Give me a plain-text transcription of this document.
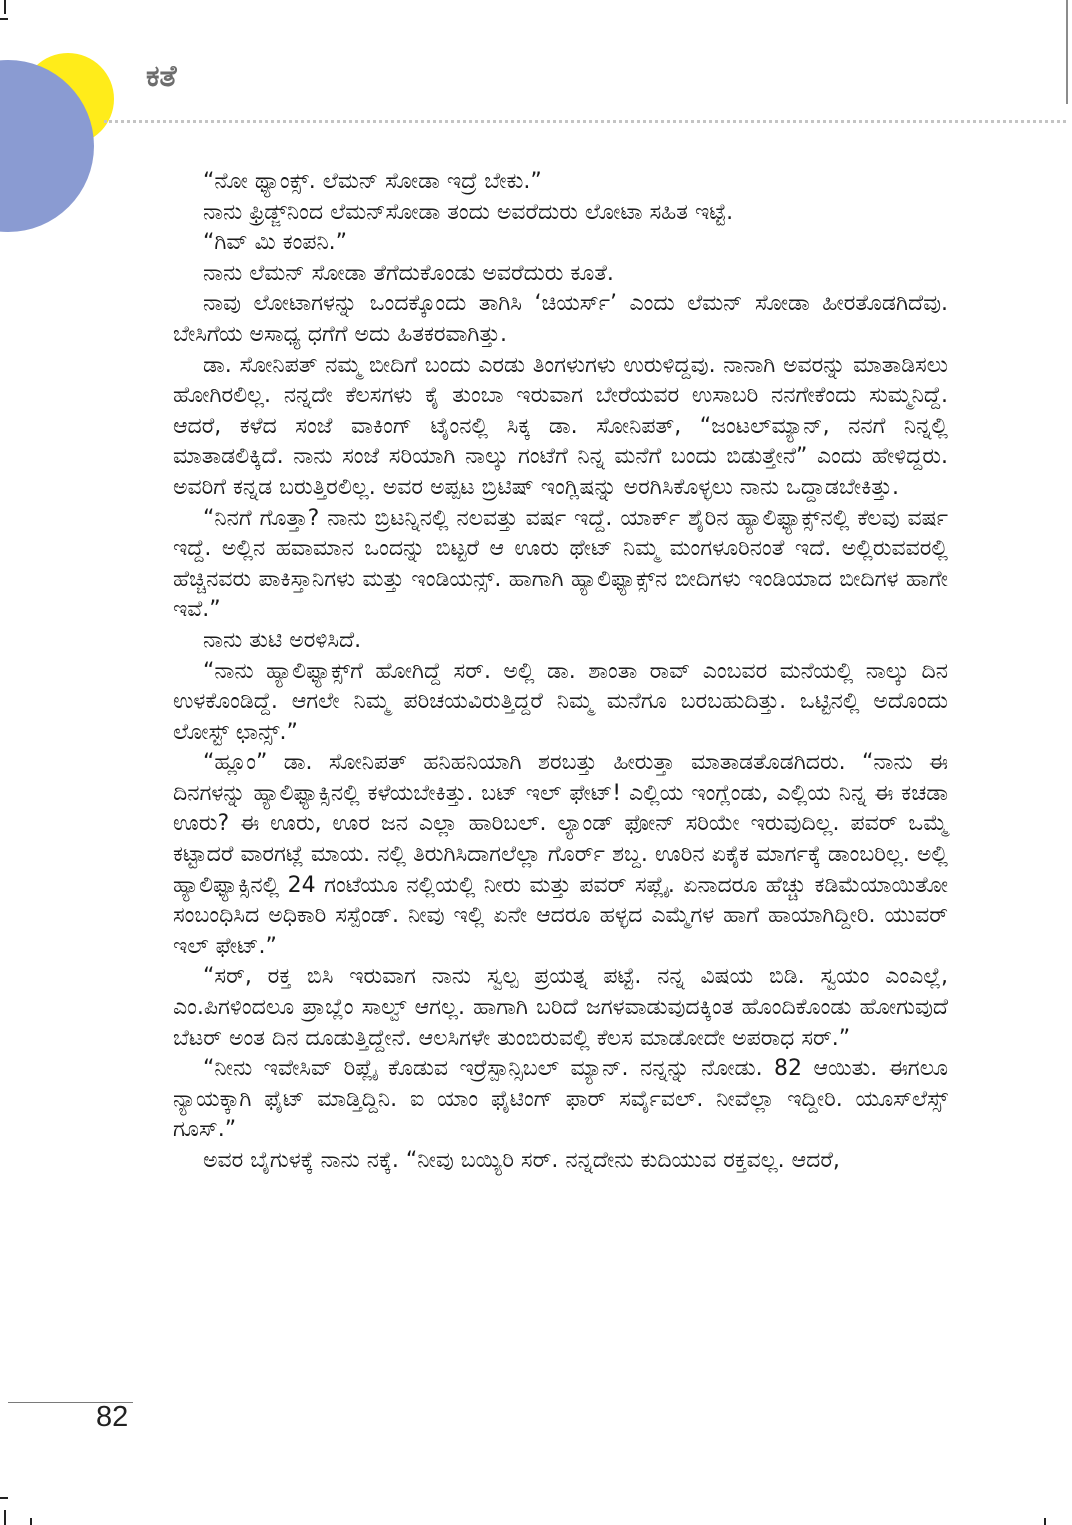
ಕತೆ

“ನೋ ಥ್ಯಾಂಕ್ಸ್. ಲೆಮನ್ ಸೋಡಾ ಇದ್ರೆ ಬೇಕು.”

ನಾನು ಫ್ರಿಡ್ಜ್‌ನಿಂದ ಲೆಮನ್‌ಸೋಡಾ ತಂದು ಅವರೆದುರು ಲೋಟಾ ಸಹಿತ ಇಟ್ಟೆ.

“ಗಿವ್ ಮಿ ಕಂಪನಿ.”

ನಾನು ಲೆಮನ್ ಸೋಡಾ ತೆಗೆದುಕೊಂಡು ಅವರೆದುರು ಕೂತೆ.

ನಾವು ಲೋಟಾಗಳನ್ನು ಒಂದಕ್ಕೊಂದು ತಾಗಿಸಿ ‘ಚಿಯರ್ಸ್’ ಎಂದು ಲೆಮನ್ ಸೋಡಾ ಹೀರತೊಡಗಿದೆವು. ಬೇಸಿಗೆಯ ಅಸಾಧ್ಯ ಧಗೆಗೆ ಅದು ಹಿತಕರವಾಗಿತ್ತು.

ಡಾ. ಸೋನಿಪತ್ ನಮ್ಮ ಬೀದಿಗೆ ಬಂದು ಎರಡು ತಿಂಗಳುಗಳು ಉರುಳಿದ್ದವು. ನಾನಾಗಿ ಅವರನ್ನು ಮಾತಾಡಿಸಲು ಹೋಗಿರಲಿಲ್ಲ. ನನ್ನದೇ ಕೆಲಸಗಳು ಕೈ ತುಂಬಾ ಇರುವಾಗ ಬೇರೆಯವರ ಉಸಾಬರಿ ನನಗೇಕೆಂದು ಸುಮ್ಮನಿದ್ದೆ. ಆದರೆ, ಕಳೆದ ಸಂಜೆ ವಾಕಿಂಗ್ ಟೈಂನಲ್ಲಿ ಸಿಕ್ಕ ಡಾ. ಸೋನಿಪತ್, “ಜಂಟಲ್‌ಮ್ಯಾನ್, ನನಗೆ ನಿನ್ನಲ್ಲಿ ಮಾತಾಡಲಿಕ್ಕಿದೆ. ನಾನು ಸಂಜೆ ಸರಿಯಾಗಿ ನಾಲ್ಕು ಗಂಟೆಗೆ ನಿನ್ನ ಮನೆಗೆ ಬಂದು ಬಿಡುತ್ತೇನೆ” ಎಂದು ಹೇಳಿದ್ದರು. ಅವರಿಗೆ ಕನ್ನಡ ಬರುತ್ತಿರಲಿಲ್ಲ. ಅವರ ಅಪ್ಪಟ ಬ್ರಿಟಿಷ್ ಇಂಗ್ಲಿಷನ್ನು ಅರಗಿಸಿಕೊಳ್ಳಲು ನಾನು ಒದ್ದಾಡಬೇಕಿತ್ತು.

“ನಿನಗೆ ಗೊತ್ತಾ? ನಾನು ಬ್ರಿಟನ್ನಿನಲ್ಲಿ ನಲವತ್ತು ವರ್ಷ ಇದ್ದೆ. ಯಾರ್ಕ್ ಶೈರಿನ ಹ್ಯಾಲಿಫ್ಯಾಕ್ಸ್‌ನಲ್ಲಿ ಕೆಲವು ವರ್ಷ ಇದ್ದೆ. ಅಲ್ಲಿನ ಹವಾಮಾನ ಒಂದನ್ನು ಬಿಟ್ಟರೆ ಆ ಊರು ಥೇಟ್ ನಿಮ್ಮ ಮಂಗಳೂರಿನಂತೆ ಇದೆ. ಅಲ್ಲಿರುವವರಲ್ಲಿ ಹೆಚ್ಚಿನವರು ಪಾಕಿಸ್ತಾನಿಗಳು ಮತ್ತು ಇಂಡಿಯನ್ಸ್. ಹಾಗಾಗಿ ಹ್ಯಾಲಿಫ್ಯಾಕ್ಸ್‌ನ ಬೀದಿಗಳು ಇಂಡಿಯಾದ ಬೀದಿಗಳ ಹಾಗೇ ಇವೆ.”

ನಾನು ತುಟಿ ಅರಳಿಸಿದೆ.

“ನಾನು ಹ್ಯಾಲಿಫ್ಯಾಕ್ಸ್‌ಗೆ ಹೋಗಿದ್ದೆ ಸರ್. ಅಲ್ಲಿ ಡಾ. ಶಾಂತಾ ರಾವ್ ಎಂಬವರ ಮನೆಯಲ್ಲಿ ನಾಲ್ಕು ದಿನ ಉಳಕೊಂಡಿದ್ದೆ. ಆಗಲೇ ನಿಮ್ಮ ಪರಿಚಯವಿರುತ್ತಿದ್ದರೆ ನಿಮ್ಮ ಮನೆಗೂ ಬರಬಹುದಿತ್ತು. ಒಟ್ಟಿನಲ್ಲಿ ಅದೊಂದು ಲೋಸ್ಟ್ ಛಾನ್ಸ್.”

“ಹ್ಲೂಂ” ಡಾ. ಸೋನಿಪತ್ ಹನಿಹನಿಯಾಗಿ ಶರಬತ್ತು ಹೀರುತ್ತಾ ಮಾತಾಡತೊಡಗಿದರು. “ನಾನು ಈ ದಿನಗಳನ್ನು ಹ್ಯಾಲಿಫ್ಯಾಕ್ಸಿನಲ್ಲಿ ಕಳೆಯಬೇಕಿತ್ತು. ಬಟ್ ಇಲ್ ಫೇಟ್! ಎಲ್ಲಿಯ ಇಂಗ್ಲೆಂಡು, ಎಲ್ಲಿಯ ನಿನ್ನ ಈ ಕಚಡಾ ಊರು? ಈ ಊರು, ಊರ ಜನ ಎಲ್ಲಾ ಹಾರಿಬಲ್. ಲ್ಯಾಂಡ್ ಫೋನ್ ಸರಿಯೇ ಇರುವುದಿಲ್ಲ. ಪವರ್ ಒಮ್ಮೆ ಕಟ್ಟಾದರೆ ವಾರಗಟ್ಲೆ ಮಾಯ. ನಲ್ಲಿ ತಿರುಗಿಸಿದಾಗಲೆಲ್ಲಾ ಗೊರ್ರ್ ಶಬ್ದ. ಊರಿನ ಏಕೈಕ ಮಾರ್ಗಕ್ಕೆ ಡಾಂಬರಿಲ್ಲ. ಅಲ್ಲಿ ಹ್ಯಾಲಿಫ್ಯಾಕ್ಸಿನಲ್ಲಿ 24 ಗಂಟೆಯೂ ನಲ್ಲಿಯಲ್ಲಿ ನೀರು ಮತ್ತು ಪವರ್ ಸಪ್ಲೈ. ಏನಾದರೂ ಹೆಚ್ಚು ಕಡಿಮೆಯಾಯಿತೋ ಸಂಬಂಧಿಸಿದ ಅಧಿಕಾರಿ ಸಸ್ಪೆಂಡ್. ನೀವು ಇಲ್ಲಿ ಏನೇ ಆದರೂ ಹಳ್ಳದ ಎಮ್ಮೆಗಳ ಹಾಗೆ ಹಾಯಾಗಿದ್ದೀರಿ. ಯುವರ್ ಇಲ್ ಫೇಟ್.”

“ಸರ್, ರಕ್ತ ಬಿಸಿ ಇರುವಾಗ ನಾನು ಸ್ವಲ್ಪ ಪ್ರಯತ್ನ ಪಟ್ಟೆ. ನನ್ನ ವಿಷಯ ಬಿಡಿ. ಸ್ವಯಂ ಎಂಎಲ್ಲೆ, ಎಂ.ಪಿಗಳಿಂದಲೂ ಪ್ರಾಬ್ಲೆಂ ಸಾಲ್ವ್ ಆಗಲ್ಲ. ಹಾಗಾಗಿ ಬರಿದೆ ಜಗಳವಾಡುವುದಕ್ಕಿಂತ ಹೊಂದಿಕೊಂಡು ಹೋಗುವುದೆ ಬೆಟರ್ ಅಂತ ದಿನ ದೂಡುತ್ತಿದ್ದೇನೆ. ಆಲಸಿಗಳೇ ತುಂಬಿರುವಲ್ಲಿ ಕೆಲಸ ಮಾಡೋದೇ ಅಪರಾಧ ಸರ್.”

“ನೀನು ಇವೇಸಿವ್ ರಿಪ್ಲೈ ಕೊಡುವ ಇರ್ರೆಸ್ಪಾನ್ಸಿಬಲ್ ಮ್ಯಾನ್. ನನ್ನನ್ನು ನೋಡು. 82 ಆಯಿತು. ಈಗಲೂ ನ್ಯಾಯಕ್ಕಾಗಿ ಫೈಟ್ ಮಾಡ್ತಿದ್ದಿನಿ. ಐ ಯಾಂ ಫೈಟಿಂಗ್ ಫಾರ್ ಸರ್ವೈವಲ್. ನೀವೆಲ್ಲಾ ಇದ್ದೀರಿ. ಯೂಸ್‌ಲೆಸ್ಸ್ ಗೂಸ್.”

ಅವರ ಬೈಗುಳಕ್ಕೆ ನಾನು ನಕ್ಕೆ. “ನೀವು ಬಯ್ಯಿರಿ ಸರ್. ನನ್ನದೇನು ಕುದಿಯುವ ರಕ್ತವಲ್ಲ. ಆದರೆ,

82
